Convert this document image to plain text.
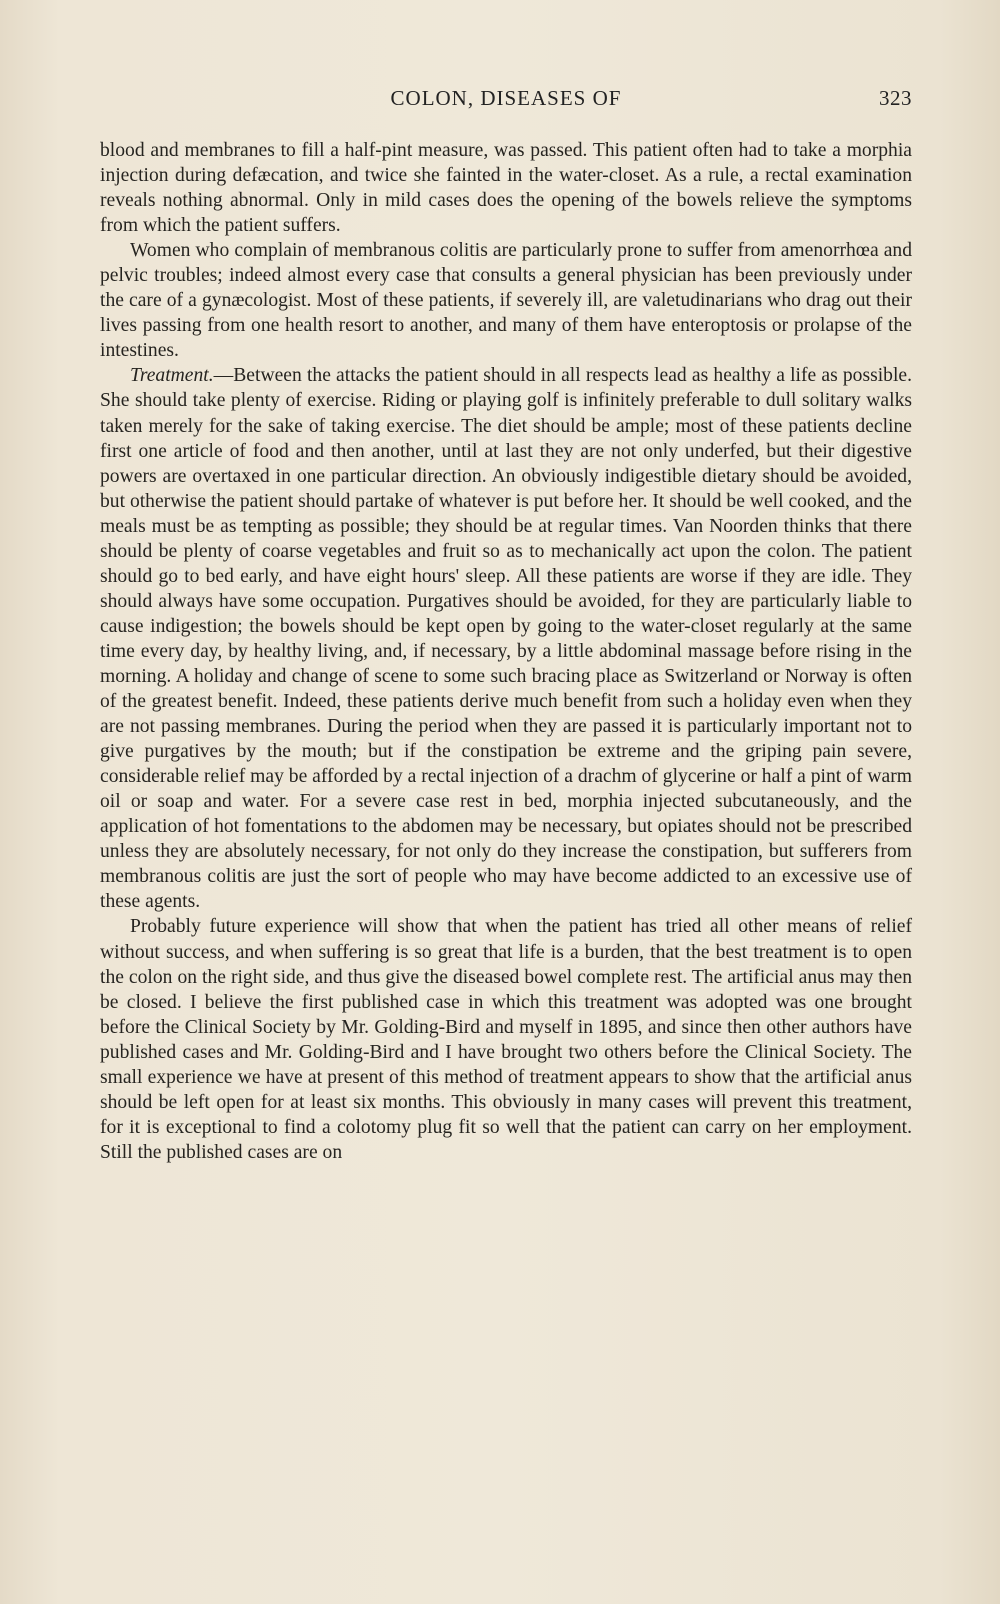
COLON, DISEASES OF	323

blood and membranes to fill a half-pint measure, was passed. This patient often had to take a morphia injection during defæcation, and twice she fainted in the water-closet. As a rule, a rectal examination reveals nothing abnormal. Only in mild cases does the opening of the bowels relieve the symptoms from which the patient suffers.

Women who complain of membranous colitis are particularly prone to suffer from amenorrhœa and pelvic troubles; indeed almost every case that consults a general physician has been previously under the care of a gynæcologist. Most of these patients, if severely ill, are valetudinarians who drag out their lives passing from one health resort to another, and many of them have enteroptosis or prolapse of the intestines.

Treatment.—Between the attacks the patient should in all respects lead as healthy a life as possible. She should take plenty of exercise. Riding or playing golf is infinitely preferable to dull solitary walks taken merely for the sake of taking exercise. The diet should be ample; most of these patients decline first one article of food and then another, until at last they are not only underfed, but their digestive powers are overtaxed in one particular direction. An obviously indigestible dietary should be avoided, but otherwise the patient should partake of whatever is put before her. It should be well cooked, and the meals must be as tempting as possible; they should be at regular times. Van Noorden thinks that there should be plenty of coarse vegetables and fruit so as to mechanically act upon the colon. The patient should go to bed early, and have eight hours' sleep. All these patients are worse if they are idle. They should always have some occupation. Purgatives should be avoided, for they are particularly liable to cause indigestion; the bowels should be kept open by going to the water-closet regularly at the same time every day, by healthy living, and, if necessary, by a little abdominal massage before rising in the morning. A holiday and change of scene to some such bracing place as Switzerland or Norway is often of the greatest benefit. Indeed, these patients derive much benefit from such a holiday even when they are not passing membranes. During the period when they are passed it is particularly important not to give purgatives by the mouth; but if the constipation be extreme and the griping pain severe, considerable relief may be afforded by a rectal injection of a drachm of glycerine or half a pint of warm oil or soap and water. For a severe case rest in bed, morphia injected subcutaneously, and the application of hot fomentations to the abdomen may be necessary, but opiates should not be prescribed unless they are absolutely necessary, for not only do they increase the constipation, but sufferers from membranous colitis are just the sort of people who may have become addicted to an excessive use of these agents.

Probably future experience will show that when the patient has tried all other means of relief without success, and when suffering is so great that life is a burden, that the best treatment is to open the colon on the right side, and thus give the diseased bowel complete rest. The artificial anus may then be closed. I believe the first published case in which this treatment was adopted was one brought before the Clinical Society by Mr. Golding-Bird and myself in 1895, and since then other authors have published cases and Mr. Golding-Bird and I have brought two others before the Clinical Society. The small experience we have at present of this method of treatment appears to show that the artificial anus should be left open for at least six months. This obviously in many cases will prevent this treatment, for it is exceptional to find a colotomy plug fit so well that the patient can carry on her employment. Still the published cases are on
